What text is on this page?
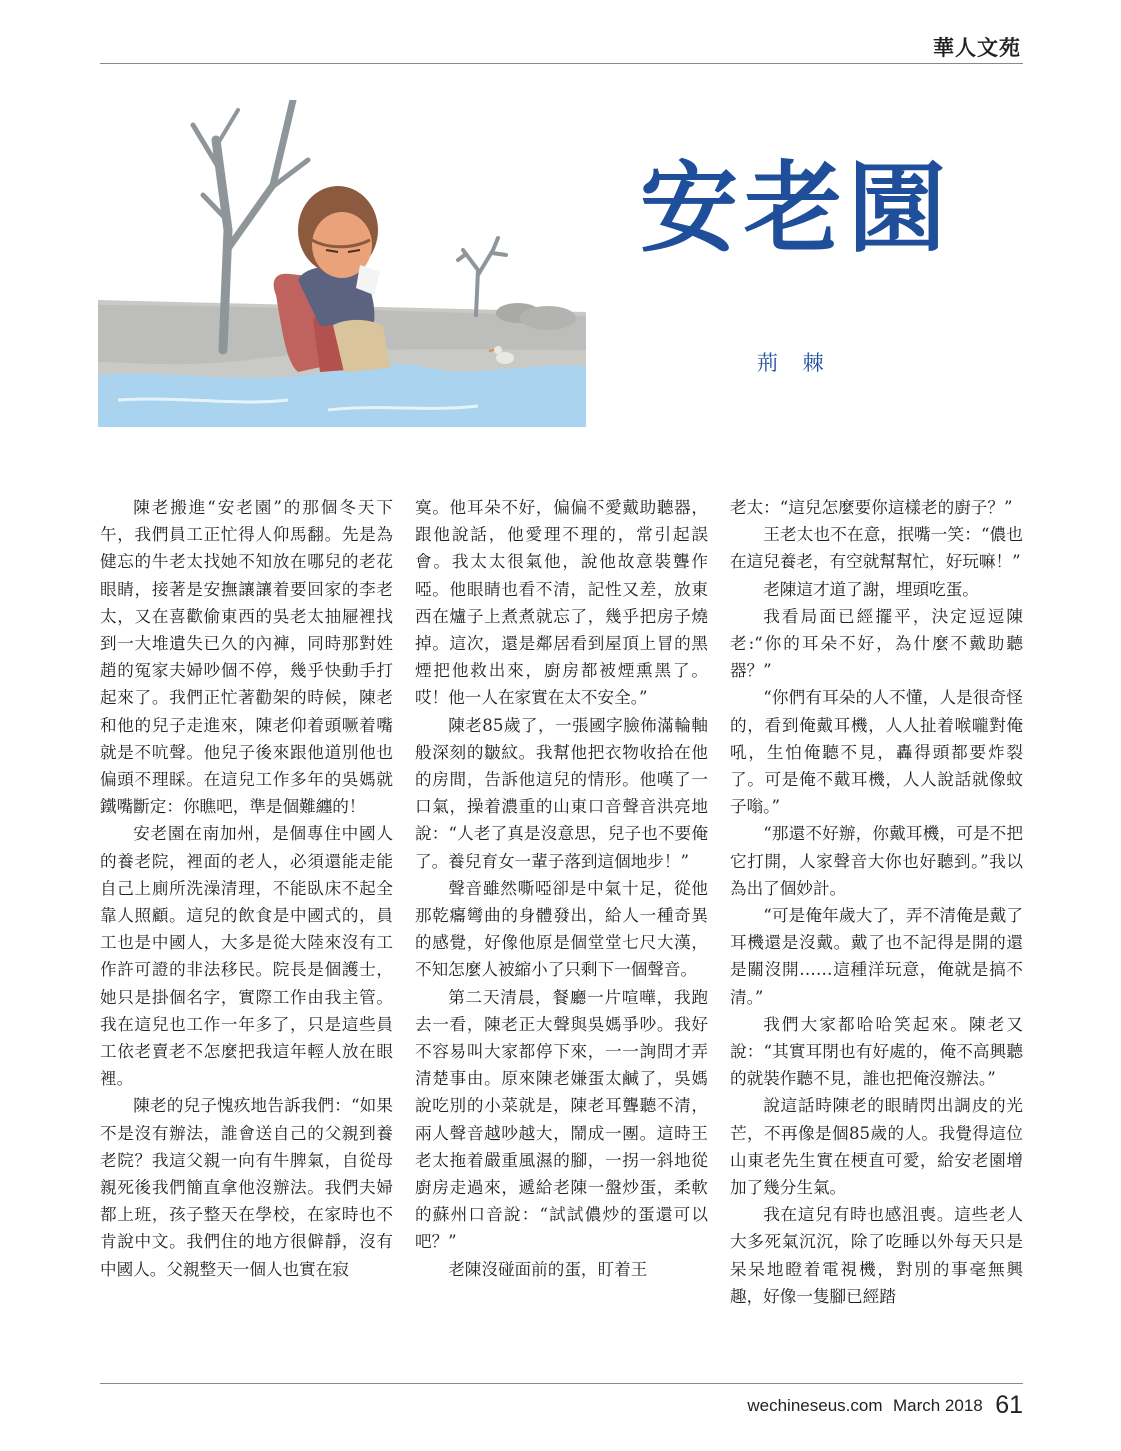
華人文苑
安老園
荊 棘

陳老搬進“安老園”的那個冬天下午，我們員工正忙得人仰馬翻。先是為健忘的牛老太找她不知放在哪兒的老花眼睛，接著是安撫讓讓着要回家的李老太，又在喜歡偷東西的吳老太抽屜裡找到一大堆遺失已久的內褲，同時那對姓趙的冤家夫婦吵個不停，幾乎快動手打起來了。我們正忙著勸架的時候，陳老和他的兒子走進來，陳老仰着頭噘着嘴就是不吭聲。他兒子後來跟他道別他也偏頭不理睬。在這兒工作多年的吳媽就鐵嘴斷定：你瞧吧，準是個難纏的！

安老園在南加州，是個專住中國人的養老院，裡面的老人，必須還能走能自己上廁所洗澡清理，不能臥床不起全靠人照顧。這兒的飲食是中國式的，員工也是中國人，大多是從大陸來沒有工作許可證的非法移民。院長是個護士，她只是掛個名字，實際工作由我主管。我在這兒也工作一年多了，只是這些員工依老賣老不怎麼把我這年輕人放在眼裡。

陳老的兒子愧疚地告訴我們：“如果不是沒有辦法，誰會送自己的父親到養老院？我這父親一向有牛脾氣，自從母親死後我們簡直拿他沒辦法。我們夫婦都上班，孩子整天在學校，在家時也不肯說中文。我們住的地方很僻靜，沒有中國人。父親整天一個人也實在寂

寞。他耳朵不好，偏偏不愛戴助聽器，跟他說話，他愛理不理的，常引起誤會。我太太很氣他，說他故意裝聾作啞。他眼睛也看不清，記性又差，放東西在爐子上煮煮就忘了，幾乎把房子燒掉。這次，還是鄰居看到屋頂上冒的黑煙把他救出來，廚房都被煙熏黑了。哎！他一人在家實在太不安全。”

陳老85歲了，一張國字臉佈滿輪軸般深刻的皺紋。我幫他把衣物收拾在他的房間，告訴他這兒的情形。他嘆了一口氣，操着濃重的山東口音聲音洪亮地說：“人老了真是沒意思，兒子也不要俺了。養兒育女一輩子落到這個地步！”

聲音雖然嘶啞卻是中氣十足，從他那乾癟彎曲的身體發出，給人一種奇異的感覺，好像他原是個堂堂七尺大漢，不知怎麼人被縮小了只剩下一個聲音。

第二天清晨，餐廳一片喧嘩，我跑去一看，陳老正大聲與吳媽爭吵。我好不容易叫大家都停下來，一一詢問才弄清楚事由。原來陳老嫌蛋太鹹了，吳媽說吃別的小菜就是，陳老耳聾聽不清，兩人聲音越吵越大，鬧成一團。這時王老太拖着嚴重風濕的腳，一拐一斜地從廚房走過來，遞給老陳一盤炒蛋，柔軟的蘇州口音說：“試試儂炒的蛋還可以吧？”

老陳沒碰面前的蛋，盯着王

老太：“這兒怎麼要你這樣老的廚子？”

王老太也不在意，抿嘴一笑：“儂也在這兒養老，有空就幫幫忙，好玩嘛！”

老陳這才道了謝，埋頭吃蛋。

我看局面已經擺平，決定逗逗陳老:“你的耳朵不好，為什麼不戴助聽器？”

“你們有耳朵的人不懂，人是很奇怪的，看到俺戴耳機，人人扯着喉嚨對俺吼，生怕俺聽不見，轟得頭都要炸裂了。可是俺不戴耳機，人人說話就像蚊子嗡。”

“那還不好辦，你戴耳機，可是不把它打開，人家聲音大你也好聽到。”我以為出了個妙計。

“可是俺年歲大了，弄不清俺是戴了耳機還是沒戴。戴了也不記得是開的還是關沒開……這種洋玩意，俺就是搞不清。”

我們大家都哈哈笑起來。陳老又說：“其實耳閉也有好處的，俺不高興聽的就裝作聽不見，誰也把俺沒辦法。”

說這話時陳老的眼睛閃出調皮的光芒，不再像是個85歲的人。我覺得這位山東老先生實在梗直可愛，給安老園增加了幾分生氣。

我在這兒有時也感沮喪。這些老人大多死氣沉沉，除了吃睡以外每天只是呆呆地瞪着電視機，對別的事毫無興趣，好像一隻腳已經踏

wechineseus.com March 2018 61
